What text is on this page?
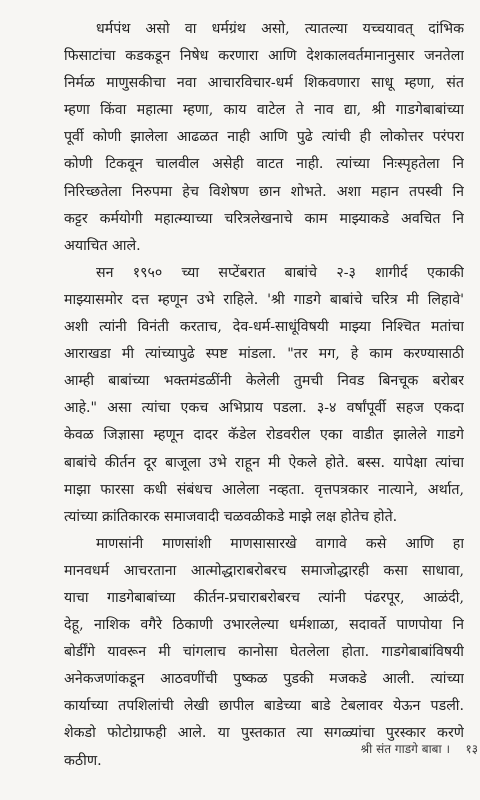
धर्मपंथ असो वा धर्मग्रंथ असो, त्यातल्या यच्चयावत् दांभिक
फिसाटांचा कडकडून निषेध करणारा आणि देशकालवर्तमानानुसार जनतेला
निर्मळ माणुसकीचा नवा आचारविचार-धर्म शिकवणारा साधू म्हणा, संत
म्हणा किंवा महात्मा म्हणा, काय वाटेल ते नाव द्या, श्री गाडगेबाबांच्या
पूर्वी कोणी झालेला आढळत नाही आणि पुढे त्यांची ही लोकोत्तर परंपरा
कोणी टिकवून चालवील असेही वाटत नाही. त्यांच्या निःस्पृहतेला नि
निरिच्छतेला निरुपमा हेच विशेषण छान शोभते. अशा महान तपस्वी नि
कट्टर कर्मयोगी महात्म्याच्या चरित्रलेखनाचे काम माझ्याकडे अवचित नि
अयाचित आले.
सन १९५० च्या सप्टेंबरात बाबांचे २-३ शागीर्द एकाकी
माझ्यासमोर दत्त म्हणून उभे राहिले. 'श्री गाडगे बाबांचे चरित्र मी लिहावे'
अशी त्यांनी विनंती करताच, देव-धर्म-साधूंविषयी माझ्या निश्चित मतांचा
आराखडा मी त्यांच्यापुढे स्पष्ट मांडला. "तर मग, हे काम करण्यासाठी
आम्ही बाबांच्या भक्तमंडळींनी केलेली तुमची निवड बिनचूक बरोबर
आहे." असा त्यांचा एकच अभिप्राय पडला. ३-४ वर्षांपूर्वी सहज एकदा
केवळ जिज्ञासा म्हणून दादर कॅडेल रोडवरील एका वाडीत झालेले गाडगे
बाबांचे कीर्तन दूर बाजूला उभे राहून मी ऐकले होते. बस्स. यापेक्षा त्यांचा
माझा फारसा कधी संबंधच आलेला नव्हता. वृत्तपत्रकार नात्याने, अर्थात,
त्यांच्या क्रांतिकारक समाजवादी चळवळीकडे माझे लक्ष होतेच होते.
माणसांनी माणसांशी माणसासारखे वागावे कसे आणि हा
मानवधर्म आचरताना आत्मोद्धाराबरोबरच समाजोद्धारही कसा साधावा,
याचा गाडगेबाबांच्या कीर्तन-प्रचाराबरोबरच त्यांनी पंढरपूर, आळंदी,
देहू, नाशिक वगैरे ठिकाणी उभारलेल्या धर्मशाळा, सदावर्ते पाणपोया नि
बोर्डींगे यावरून मी चांगलाच कानोसा घेतलेला होता. गाडगेबाबांविषयी
अनेकजणांकडून आठवणींची पुष्कळ पुडकी मजकडे आली. त्यांच्या
कार्याच्या तपशिलांची लेखी छापील बाडेच्या बाडे टेबलावर येऊन पडली.
शेकडो फोटोग्राफही आले. या पुस्तकात त्या सगळ्यांचा पुरस्कार करणे
कठीण.
श्री संत गाडगे बाबा । १३
